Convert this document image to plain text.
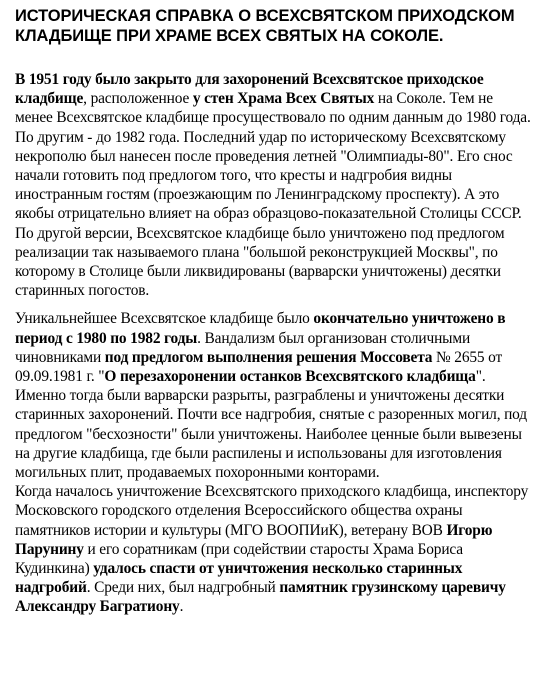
ИСТОРИЧЕСКАЯ СПРАВКА О ВСЕХСВЯТСКОМ ПРИХОДСКОМ КЛАДБИЩЕ ПРИ ХРАМЕ ВСЕХ СВЯТЫХ НА СОКОЛЕ.

В 1951 году было закрыто для захоронений Всехсвятское приходское кладбище, расположенное у стен Храма Всех Святых на Соколе. Тем не менее Всехсвятское кладбище просуществовало по одним данным до 1980 года. По другим - до 1982 года. Последний удар по историческому Всехсвятскому некрополю был нанесен после проведения летней "Олимпиады-80". Его снос начали готовить под предлогом того, что кресты и надгробия видны иностранным гостям (проезжающим по Ленинградскому проспекту). А это якобы отрицательно влияет на образ образцово-показательной Столицы СССР. По другой версии, Всехсвятское кладбище было уничтожено под предлогом реализации так называемого плана "большой реконструкцией Москвы", по которому в Столице были ликвидированы (варварски уничтожены) десятки старинных погостов.

Уникальнейшее Всехсвятское кладбище было окончательно уничтожено в период с 1980 по 1982 годы. Вандализм был организован столичными чиновниками под предлогом выполнения решения Моссовета № 2655 от 09.09.1981 г. "О перезахоронении останков Всехсвятского кладбища". Именно тогда были варварски разрыты, разграблены и уничтожены десятки старинных захоронений. Почти все надгробия, снятые с разоренных могил, под предлогом "бесхозности" были уничтожены. Наиболее ценные были вывезены на другие кладбища, где были распилены и использованы для изготовления могильных плит, продаваемых похоронными конторами.
Когда началось уничтожение Всехсвятского приходского кладбища, инспектору Московского городского отделения Всероссийского общества охраны памятников истории и культуры (МГО ВООПИиК), ветерану ВОВ Игорю Парунину и его соратникам (при содействии старосты Храма Бориса Кудинкина) удалось спасти от уничтожения несколько старинных надгробий. Среди них, был надгробный памятник грузинскому царевичу Александру Багратиону.
